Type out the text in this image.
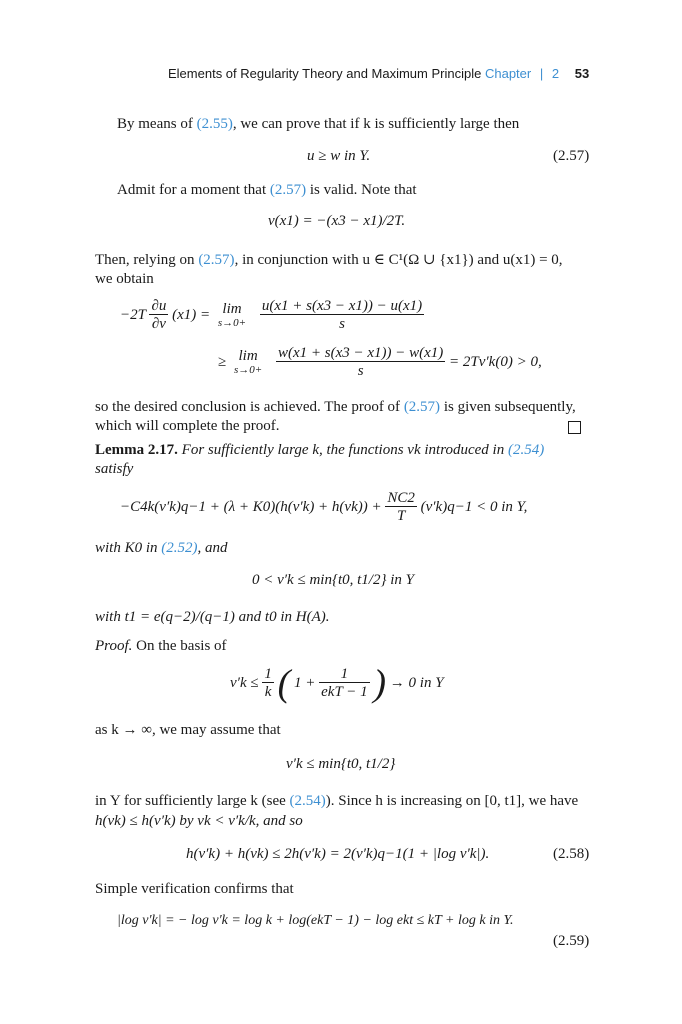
Elements of Regularity Theory and Maximum Principle Chapter | 2 53
By means of (2.55), we can prove that if k is sufficiently large then
u ≥ w in Y.	(2.57)
Admit for a moment that (2.57) is valid. Note that
v(x1) = −(x3 − x1)/2T.
Then, relying on (2.57), in conjunction with u ∈ C¹(Ω ∪ {x1}) and u(x1) = 0,
we obtain
$-2T \frac{\partial u}{\partial v} (x1) = \lim$
s→0+
$\frac{u(x1 + s(x3 - x1)) - u(x1)}{s}$
≥ lim
s→0+
$\frac{w(x1 + s(x3 - x1)) - w(x1)}{s} = 2Tv'k(0) > 0$,
so the desired conclusion is achieved. The proof of (2.57) is given subsequently,
which will complete the proof.
Lemma 2.17. For sufficiently large k, the functions vk introduced in (2.54)
satisfy
$-C4k(v'k)q-1 + (\lambda + K0)(h(v'k) + h(vk)) + \frac{NC2}{T} (v'k)q-1 < 0$ in Y,
with K0 in (2.52), and
0 < v′k ≤ min{t0, t1/2} in Y
with t1 = e(q−2)/(q−1) and t0 in H(A).
Proof. On the basis of
$v'k \le \frac{1}{k}$ ( $1 + \frac{1}{\text{ekT − 1}}$ ) → 0 in Y
as k → ∞, we may assume that
v′k ≤ min{t0, t1/2}
in Y for sufficiently large k (see (2.54)). Since h is increasing on [0, t1], we have
h(vk) ≤ h(v′k) by vk < v′k/k, and so
h(v′k) + h(vk) ≤ 2h(v′k) = 2(v′k)q−1(1 + |log v′k|).	(2.58)
Simple verification confirms that
|log v′k| = − log v′k = log k + log(ekT − 1) − log ekt ≤ kT + log k in Y.
(2.59)
